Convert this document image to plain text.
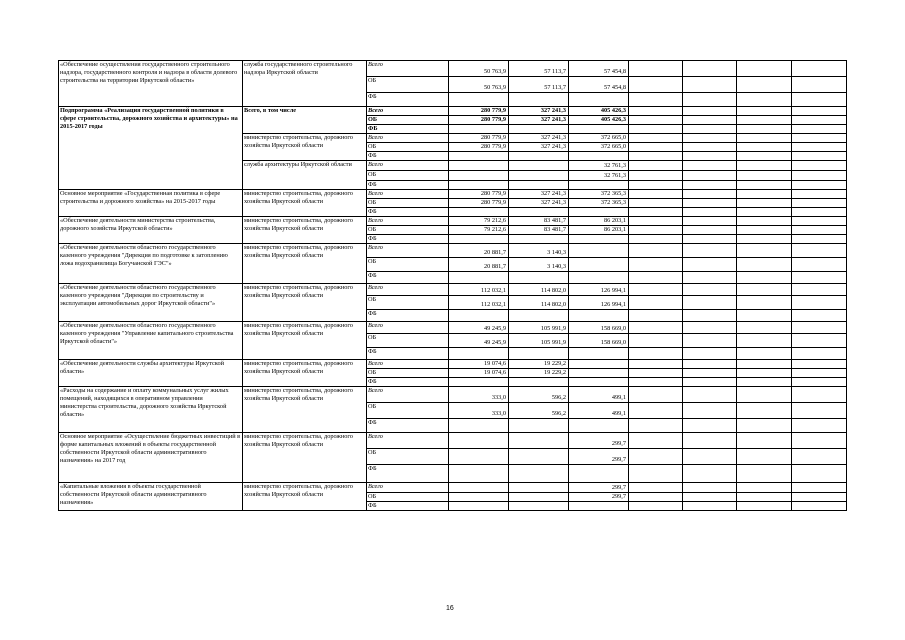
«Обеспечение осуществления государственного строительного надзора, государственного контроля и надзора в области долевого строительства на территории Иркутской области»	служба государственного строительного надзора Иркутской области	Всего	50 763,9	57 113,7	57 454,8				
		ОБ	50 763,9	57 113,7	57 454,8				
		ФБ							
Подпрограмма «Реализация государственной политики в сфере строительства, дорожного хозяйства и архитектуры» на 2015-2017 годы	Всего, в том числе	Всего	280 779,9	327 241,3	405 426,3				
		ОБ	280 779,9	327 241,3	405 426,3				
		ФБ							
	министерство строительства, дорожного хозяйства Иркутской области	Всего	280 779,9	327 241,3	372 665,0				
		ОБ	280 779,9	327 241,3	372 665,0				
		ФБ							
	служба архитектуры Иркутской области	Всего			32 761,3				
		ОБ			32 761,3				
		ФБ							
Основное мероприятие «Государственная политика в сфере строительства и дорожного хозяйства» на 2015-2017 годы	министерство строительства, дорожного хозяйства Иркутской области	Всего	280 779,9	327 241,3	372 365,3				
		ОБ	280 779,9	327 241,3	372 365,3				
		ФБ							
«Обеспечение деятельности министерства строительства, дорожного хозяйства Иркутской области»	министерство строительства, дорожного хозяйства Иркутской области	Всего	79 212,6	83 481,7	86 203,1				
		ОБ	79 212,6	83 481,7	86 203,1				
		ФБ							
«Обеспечение деятельности областного государственного казенного учреждения "Дирекция по подготовке к затоплению ложа водохранилища Богучанской ГЭС"»	министерство строительства, дорожного хозяйства Иркутской области	Всего	20 881,7	3 140,3					
		ОБ	20 881,7	3 140,3					
		ФБ							
«Обеспечение деятельности областного государственного казенного учреждения "Дирекция по строительству и эксплуатации автомобильных дорог Иркутской области"»	министерство строительства, дорожного хозяйства Иркутской области	Всего	112 032,1	114 802,0	126 994,1				
		ОБ	112 032,1	114 802,0	126 994,1				
		ФБ							
«Обеспечение деятельности областного государственного казенного учреждения "Управление капитального строительства Иркутской области"»	министерство строительства, дорожного хозяйства Иркутской области	Всего	49 245,9	105 991,9	158 669,0				
		ОБ	49 245,9	105 991,9	158 669,0				
		ФБ							
«Обеспечение деятельности службы архитектуры Иркутской области»	министерство строительства, дорожного хозяйства Иркутской области	Всего	19 074,6	19 229,2					
		ОБ	19 074,6	19 229,2					
		ФБ							
«Расходы на содержание и оплату коммунальных услуг жилых помещений, находящихся в оперативном управлении министерства строительства, дорожного хозяйства Иркутской области»	министерство строительства, дорожного хозяйства Иркутской области	Всего	333,0	596,2	499,1				
		ОБ	333,0	596,2	499,1				
		ФБ							
Основное мероприятие «Осуществление бюджетных инвестиций в форме капитальных вложений в объекты государственной собственности Иркутской области административного назначения» на 2017 год	министерство строительства, дорожного хозяйства Иркутской области	Всего			299,7				
		ОБ			299,7				
		ФБ							
«Капитальные вложения в объекты государственной собственности Иркутской области административного назначения»	министерство строительства, дорожного хозяйства Иркутской области	Всего			299,7				
		ОБ			299,7				
		ФБ							
16
